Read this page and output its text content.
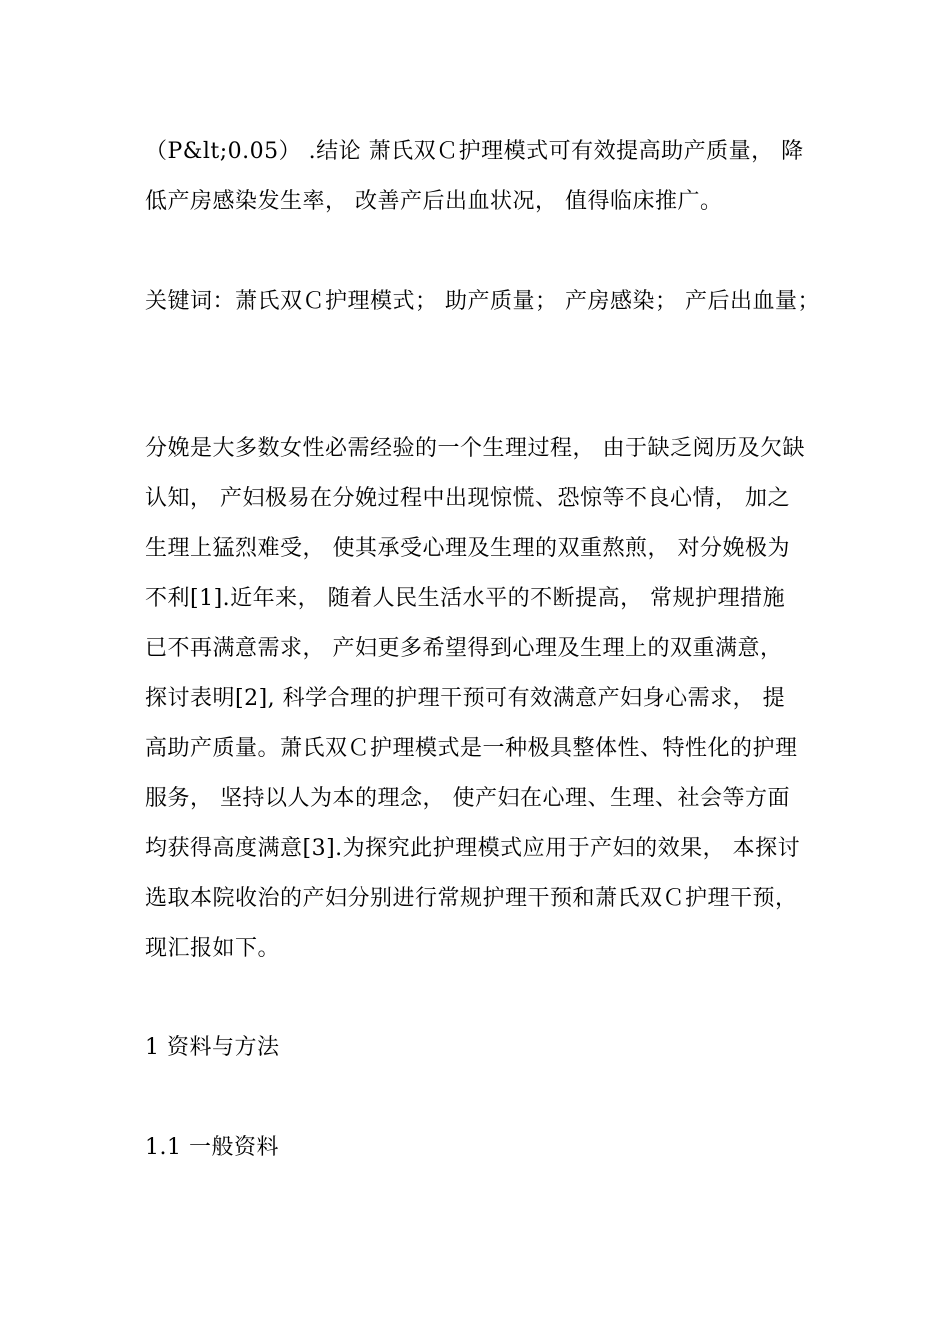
（P&lt;0.05） .结论 萧氏双Ｃ护理模式可有效提高助产质量， 降
低产房感染发生率， 改善产后出血状况， 值得临床推广。
关键词：萧氏双Ｃ护理模式； 助产质量； 产房感染； 产后出血量；
分娩是大多数女性必需经验的一个生理过程， 由于缺乏阅历及欠缺
认知， 产妇极易在分娩过程中出现惊慌、恐惊等不良心情， 加之
生理上猛烈难受， 使其承受心理及生理的双重熬煎， 对分娩极为
不利[1].近年来， 随着人民生活水平的不断提高， 常规护理措施
已不再满意需求， 产妇更多希望得到心理及生理上的双重满意，
探讨表明[2], 科学合理的护理干预可有效满意产妇身心需求， 提
高助产质量。萧氏双Ｃ护理模式是一种极具整体性、特性化的护理
服务， 坚持以人为本的理念， 使产妇在心理、生理、社会等方面
均获得高度满意[3].为探究此护理模式应用于产妇的效果， 本探讨
选取本院收治的产妇分别进行常规护理干预和萧氏双Ｃ护理干预，
现汇报如下。
1 资料与方法
1.1 一般资料
